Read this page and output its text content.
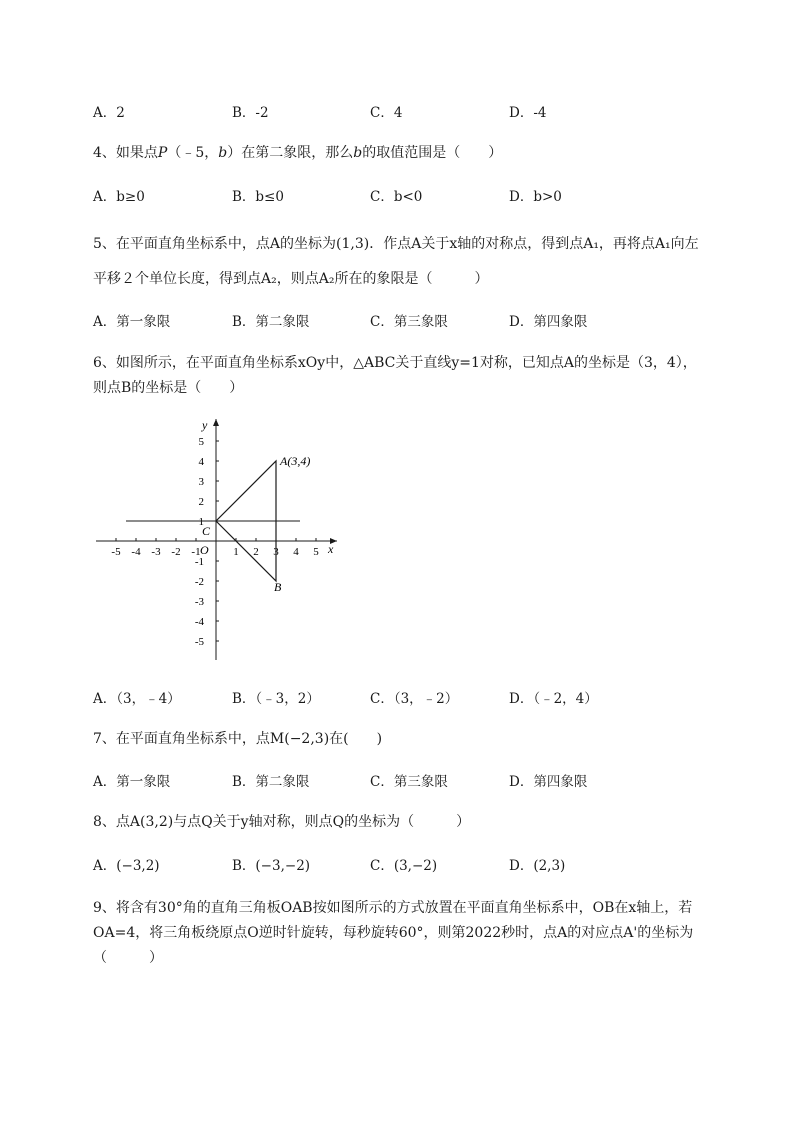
A．2	B．-2	C．4	D．-4
4、如果点P（﹣5，b）在第二象限，那么b的取值范围是（　　）
A．b≥0	B．b≤0	C．b<0	D．b>0
5、在平面直角坐标系中，点A的坐标为(1,3)．作点A关于x轴的对称点，得到点A₁，再将点A₁向左
平移２个单位长度，得到点A₂，则点A₂所在的象限是（　　　）
A．第一象限	B．第二象限	C．第三象限	D．第四象限
6、如图所示，在平面直角坐标系xOy中，△ABC关于直线y=1对称，已知点A的坐标是（3，4），
则点B的坐标是（　　）
-5 -4 -3 -2 -1	1 2 3 4 5
5
4
3
2
1
-1
-2
-3
-4
-5
x
y
O
A(3,4)
B
C
A．（3，﹣4）	B．（﹣3，2）	C．（3，﹣2）	D．（﹣2，4）
7、在平面直角坐标系中，点M(−2,3)在(　　)
A．第一象限	B．第二象限	C．第三象限	D．第四象限
8、点A(3,2)与点Q关于y轴对称，则点Q的坐标为（　　　）
A．(−3,2)	B．(−3,−2)	C．(3,−2)	D．(2,3)
9、将含有30°角的直角三角板OAB按如图所示的方式放置在平面直角坐标系中，OB在x轴上，若
OA=4，将三角板绕原点O逆时针旋转，每秒旋转60°，则第2022秒时，点A的对应点A'的坐标为
（　　　）
